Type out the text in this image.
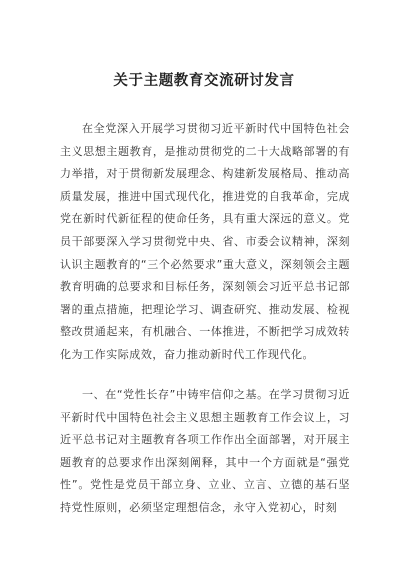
关于主题教育交流研讨发言

在全党深入开展学习贯彻习近平新时代中国特色社会主义思想主题教育，是推动贯彻党的二十大战略部署的有力举措，对于贯彻新发展理念、构建新发展格局、推动高质量发展，推进中国式现代化，推进党的自我革命，完成党在新时代新征程的使命任务，具有重大深远的意义。党员干部要深入学习贯彻党中央、省、市委会议精神，深刻认识主题教育的“三个必然要求”重大意义，深刻领会主题教育明确的总要求和目标任务，深刻领会习近平总书记部署的重点措施，把理论学习、调查研究、推动发展、检视整改贯通起来，有机融合、一体推进，不断把学习成效转化为工作实际成效，奋力推动新时代工作现代化。

一、在“党性长存”中铸牢信仰之基。在学习贯彻习近平新时代中国特色社会主义思想主题教育工作会议上，习近平总书记对主题教育各项工作作出全面部署，对开展主题教育的总要求作出深刻阐释，其中一个方面就是“强党性”。党性是党员干部立身、立业、立言、立德的基石坚持党性原则，必须坚定理想信念，永守入党初心，时刻
